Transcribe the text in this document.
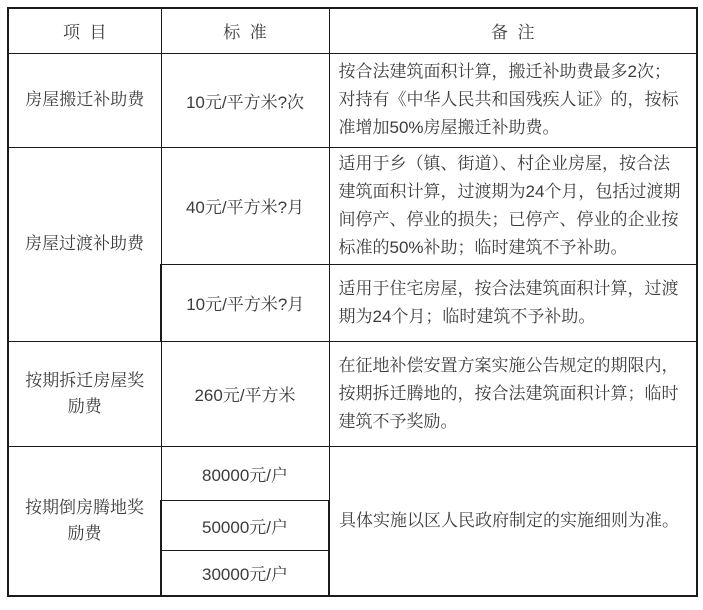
项  目	标  准	备  注
房屋搬迁补助费	10元/平方米?次	按合法建筑面积计算，搬迁补助费最多2次；对持有《中华人民共和国残疾人证》的，按标准增加50%房屋搬迁补助费。
房屋过渡补助费	40元/平方米?月	适用于乡（镇、街道）、村企业房屋，按合法建筑面积计算，过渡期为24个月，包括过渡期间停产、停业的损失；已停产、停业的企业按标准的50%补助；临时建筑不予补助。
	10元/平方米?月	适用于住宅房屋，按合法建筑面积计算，过渡期为24个月；临时建筑不予补助。
按期拆迁房屋奖励费	260元/平方米	在征地补偿安置方案实施公告规定的期限内，按期拆迁腾地的，按合法建筑面积计算；临时建筑不予奖励。
按期倒房腾地奖励费	80000元/户	具体实施以区人民政府制定的实施细则为准。
	50000元/户	
	30000元/户	
